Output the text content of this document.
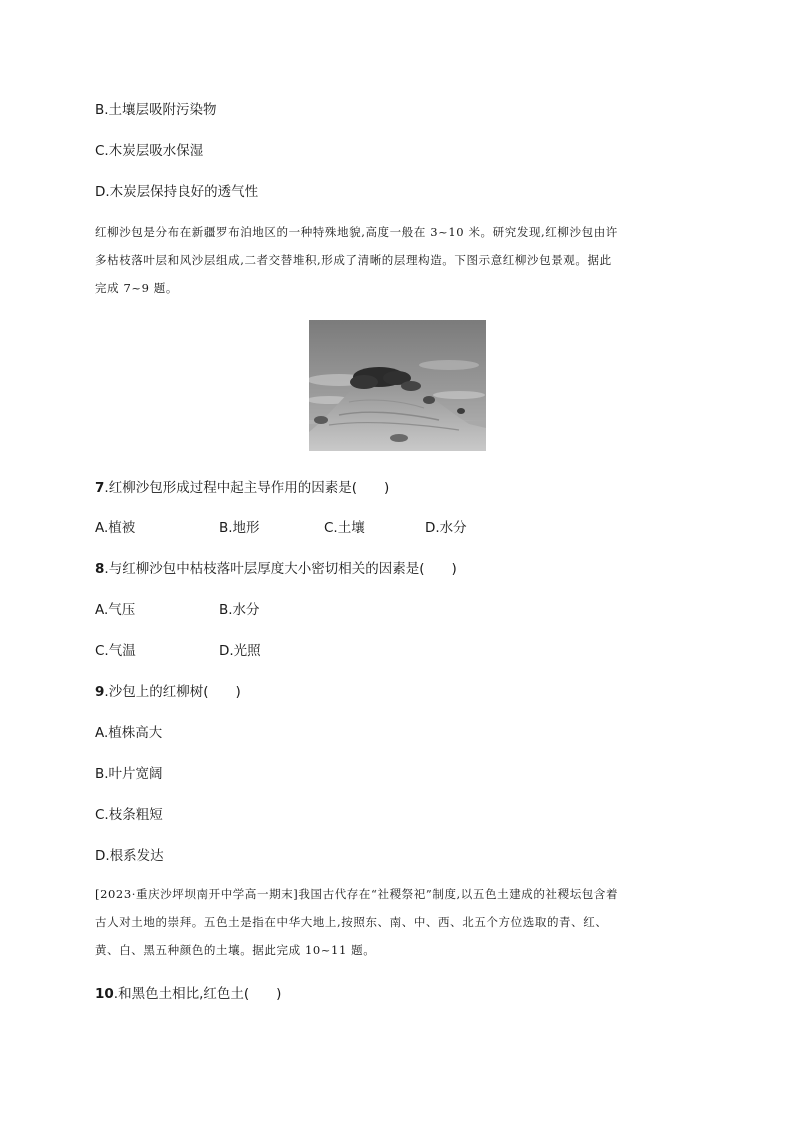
B.土壤层吸附污染物
C.木炭层吸水保湿
D.木炭层保持良好的透气性
红柳沙包是分布在新疆罗布泊地区的一种特殊地貌,高度一般在 3~10 米。研究发现,红柳沙包由许
多枯枝落叶层和风沙层组成,二者交替堆积,形成了清晰的层理构造。下图示意红柳沙包景观。据此
完成 7~9 题。
7.红柳沙包形成过程中起主导作用的因素是(　　)
A.植被	B.地形	C.土壤	D.水分
8.与红柳沙包中枯枝落叶层厚度大小密切相关的因素是(　　)
A.气压	B.水分
C.气温	D.光照
9.沙包上的红柳树(　　)
A.植株高大
B.叶片宽阔
C.枝条粗短
D.根系发达
[2023·重庆沙坪坝南开中学高一期末]我国古代存在“社稷祭祀”制度,以五色土建成的社稷坛包含着
古人对土地的崇拜。五色土是指在中华大地上,按照东、南、中、西、北五个方位选取的青、红、
黄、白、黑五种颜色的土壤。据此完成 10~11 题。
10.和黑色土相比,红色土(　　)
